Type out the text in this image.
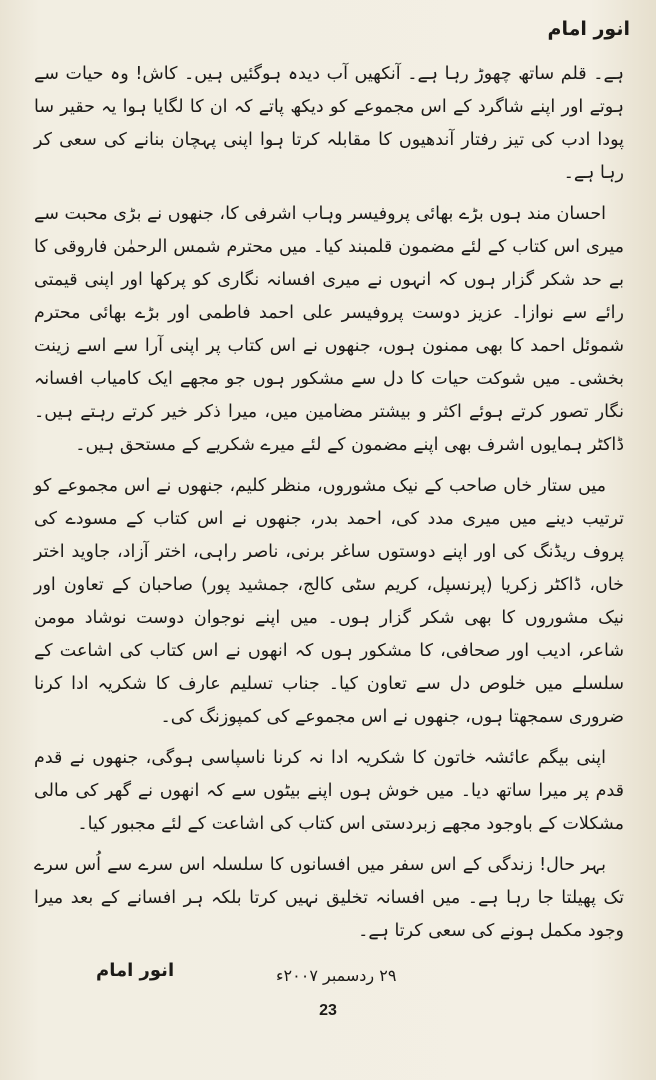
انور امام

ہے۔ قلم ساتھ چھوڑ رہا ہے۔ آنکھیں آب دیدہ ہوگئیں ہیں۔ کاش! وہ حیات سے ہوتے اور اپنے شاگرد کے اس مجموعے کو دیکھ پاتے کہ ان کا لگایا ہوا یہ حقیر سا پودا ادب کی تیز رفتار آندھیوں کا مقابلہ کرتا ہوا اپنی پہچان بنانے کی سعی کر رہا ہے۔

احسان مند ہوں بڑے بھائی پروفیسر وہاب اشرفی کا، جنھوں نے بڑی محبت سے میری اس کتاب کے لئے مضمون قلمبند کیا۔ میں محترم شمس الرحمٰن فاروقی کا بے حد شکر گزار ہوں کہ انہوں نے میری افسانہ نگاری کو پرکھا اور اپنی قیمتی رائے سے نوازا۔ عزیز دوست پروفیسر علی احمد فاطمی اور بڑے بھائی محترم شموئل احمد کا بھی ممنون ہوں، جنھوں نے اس کتاب پر اپنی آرا سے اسے زینت بخشی۔ میں شوکت حیات کا دل سے مشکور ہوں جو مجھے ایک کامیاب افسانہ نگار تصور کرتے ہوئے اکثر و بیشتر مضامین میں، میرا ذکر خیر کرتے رہتے ہیں۔ ڈاکٹر ہمایوں اشرف بھی اپنے مضمون کے لئے میرے شکریے کے مستحق ہیں۔

میں ستار خاں صاحب کے نیک مشوروں، منظر کلیم، جنھوں نے اس مجموعے کو ترتیب دینے میں میری مدد کی، احمد بدر، جنھوں نے اس کتاب کے مسودے کی پروف ریڈنگ کی اور اپنے دوستوں ساغر برنی، ناصر راہی، اختر آزاد، جاوید اختر خاں، ڈاکٹر زکریا (پرنسپل، کریم سٹی کالج، جمشید پور) صاحبان کے تعاون اور نیک مشوروں کا بھی شکر گزار ہوں۔ میں اپنے نوجوان دوست نوشاد مومن شاعر، ادیب اور صحافی، کا مشکور ہوں کہ انھوں نے اس کتاب کی اشاعت کے سلسلے میں خلوص دل سے تعاون کیا۔ جناب تسلیم عارف کا شکریہ ادا کرنا ضروری سمجھتا ہوں، جنھوں نے اس مجموعے کی کمپوزنگ کی۔

اپنی بیگم عائشہ خاتون کا شکریہ ادا نہ کرنا ناسپاسی ہوگی، جنھوں نے قدم قدم پر میرا ساتھ دیا۔ میں خوش ہوں اپنے بیٹوں سے کہ انھوں نے گھر کی مالی مشکلات کے باوجود مجھے زبردستی اس کتاب کی اشاعت کے لئے مجبور کیا۔

بہر حال! زندگی کے اس سفر میں افسانوں کا سلسلہ اس سرے سے اُس سرے تک پھیلتا جا رہا ہے۔ میں افسانہ تخلیق نہیں کرتا بلکہ ہر افسانے کے بعد میرا وجود مکمل ہونے کی سعی کرتا ہے۔

۲۹ ردسمبر ۲۰۰۷ء
انور امام
23
